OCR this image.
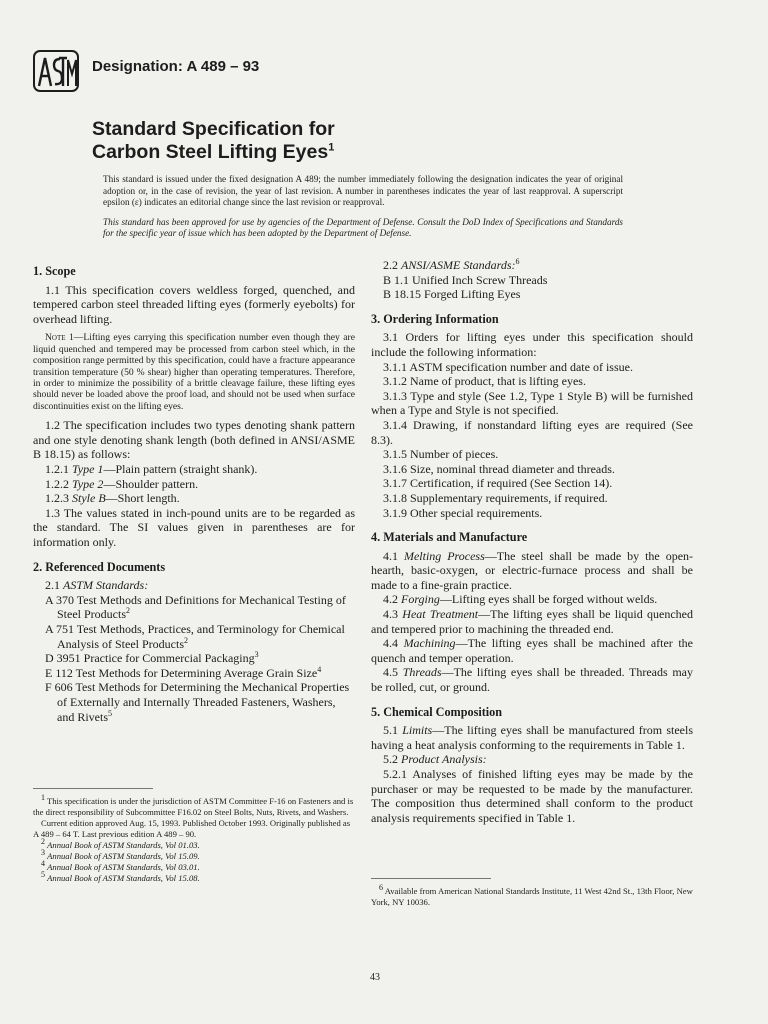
Designation: A 489 – 93
Standard Specification for
Carbon Steel Lifting Eyes$^1$

This standard is issued under the fixed designation A 489; the number immediately following the designation indicates the year of original adoption or, in the case of revision, the year of last revision. A number in parentheses indicates the year of last reapproval. A superscript epsilon (ε) indicates an editorial change since the last revision or reapproval.

This standard has been approved for use by agencies of the Department of Defense. Consult the DoD Index of Specifications and Standards for the specific year of issue which has been adopted by the Department of Defense.

1. Scope

1.1 This specification covers weldless forged, quenched, and tempered carbon steel threaded lifting eyes (formerly eyebolts) for overhead lifting.

Note 1—Lifting eyes carrying this specification number even though they are liquid quenched and tempered may be processed from carbon steel which, in the composition range permitted by this specification, could have a fracture appearance transition temperature (50 % shear) higher than operating temperatures. Therefore, in order to minimize the possibility of a brittle cleavage failure, these lifting eyes should never be loaded above the proof load, and should not be used when surface discontinuities exist on the lifting eyes.

1.2 The specification includes two types denoting shank pattern and one style denoting shank length (both defined in ANSI/ASME B 18.15) as follows:

1.2.1 Type 1—Plain pattern (straight shank).

1.2.2 Type 2—Shoulder pattern.

1.2.3 Style B—Short length.

1.3 The values stated in inch-pound units are to be regarded as the standard. The SI values given in parentheses are for information only.

2. Referenced Documents

2.1 ASTM Standards:

A 370 Test Methods and Definitions for Mechanical Testing of Steel Products$^2$

A 751 Test Methods, Practices, and Terminology for Chemical Analysis of Steel Products$^2$

D 3951 Practice for Commercial Packaging$^3$

E 112 Test Methods for Determining Average Grain Size$^4$

F 606 Test Methods for Determining the Mechanical Properties of Externally and Internally Threaded Fasteners, Washers, and Rivets$^5$

2.2 ANSI/ASME Standards:$^6$

B 1.1 Unified Inch Screw Threads

B 18.15 Forged Lifting Eyes

3. Ordering Information

3.1 Orders for lifting eyes under this specification should include the following information:

3.1.1 ASTM specification number and date of issue.

3.1.2 Name of product, that is lifting eyes.

3.1.3 Type and style (See 1.2, Type 1 Style B) will be furnished when a Type and Style is not specified.

3.1.4 Drawing, if nonstandard lifting eyes are required (See 8.3).

3.1.5 Number of pieces.

3.1.6 Size, nominal thread diameter and threads.

3.1.7 Certification, if required (See Section 14).

3.1.8 Supplementary requirements, if required.

3.1.9 Other special requirements.

4. Materials and Manufacture

4.1 Melting Process—The steel shall be made by the open-hearth, basic-oxygen, or electric-furnace process and shall be made to a fine-grain practice.

4.2 Forging—Lifting eyes shall be forged without welds.

4.3 Heat Treatment—The lifting eyes shall be liquid quenched and tempered prior to machining the threaded end.

4.4 Machining—The lifting eyes shall be machined after the quench and temper operation.

4.5 Threads—The lifting eyes shall be threaded. Threads may be rolled, cut, or ground.

5. Chemical Composition

5.1 Limits—The lifting eyes shall be manufactured from steels having a heat analysis conforming to the requirements in Table 1.

5.2 Product Analysis:

5.2.1 Analyses of finished lifting eyes may be made by the purchaser or may be requested to be made by the manufacturer. The composition thus determined shall conform to the product analysis requirements specified in Table 1.

$^1$ This specification is under the jurisdiction of ASTM Committee F-16 on Fasteners and is the direct responsibility of Subcommittee F16.02 on Steel Bolts, Nuts, Rivets, and Washers.

Current edition approved Aug. 15, 1993. Published October 1993. Originally published as A 489 – 64 T. Last previous edition A 489 – 90.

$^2$ Annual Book of ASTM Standards, Vol 01.03.

$^3$ Annual Book of ASTM Standards, Vol 15.09.

$^4$ Annual Book of ASTM Standards, Vol 03.01.

$^5$ Annual Book of ASTM Standards, Vol 15.08.

$^6$ Available from American National Standards Institute, 11 West 42nd St., 13th Floor, New York, NY 10036.

43
